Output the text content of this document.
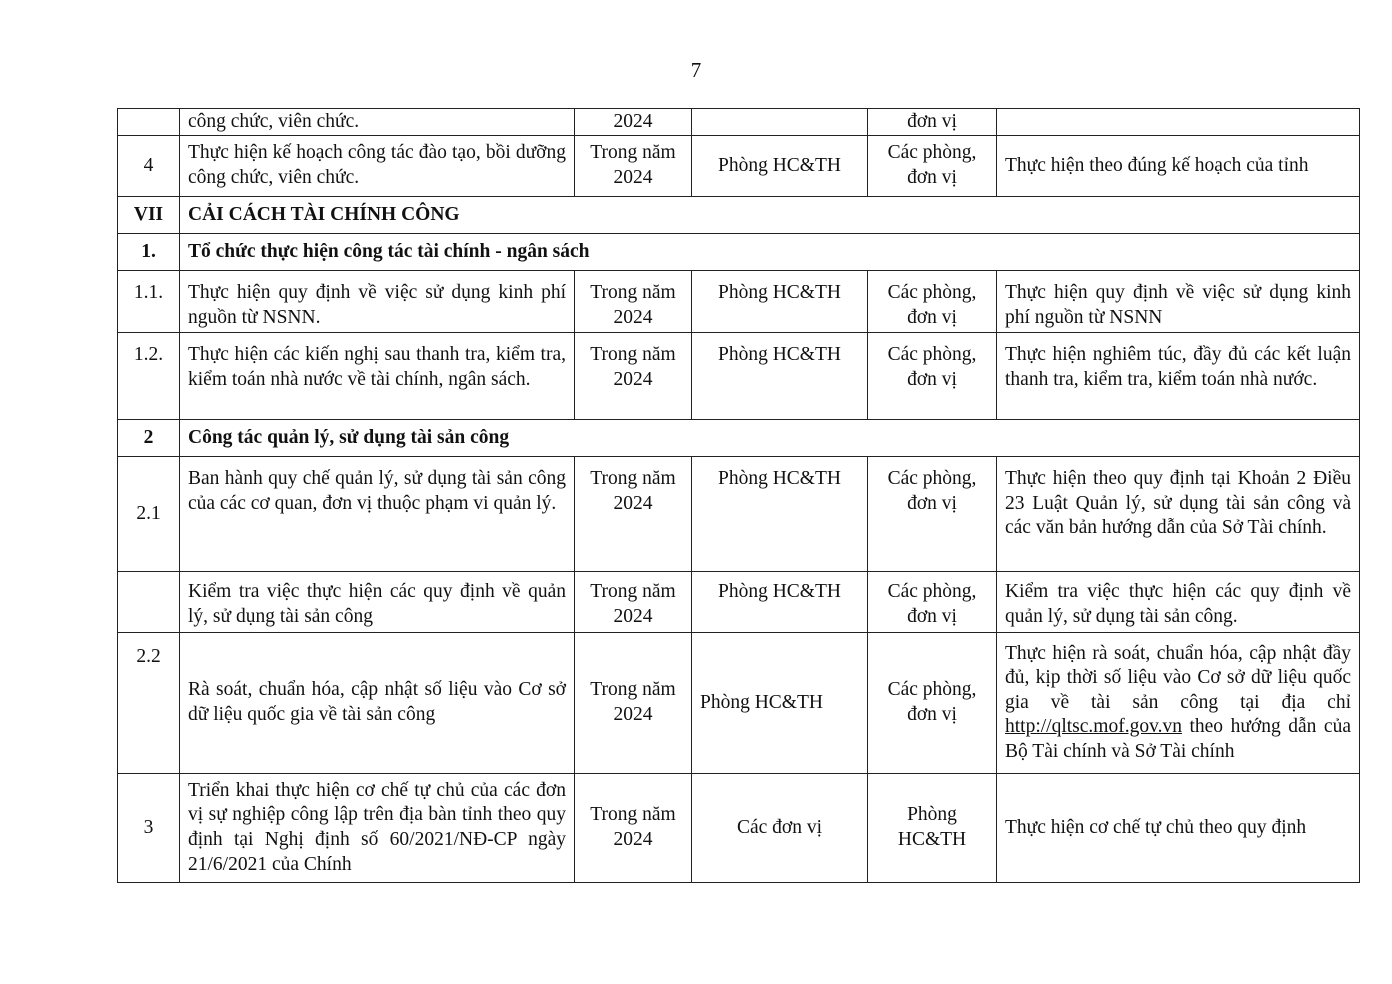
7
	công chức, viên chức.	2024		đơn vị	
4	Thực hiện kế hoạch công tác đào tạo, bồi dưỡng công chức, viên chức.	Trong năm 2024	Phòng HC&TH	Các phòng, đơn vị	Thực hiện theo đúng kế hoạch của tỉnh
VII	CẢI CÁCH TÀI CHÍNH CÔNG				
1.	Tổ chức thực hiện công tác tài chính - ngân sách				
1.1.	Thực hiện quy định về việc sử dụng kinh phí nguồn từ NSNN.	Trong năm 2024	Phòng HC&TH	Các phòng, đơn vị	Thực hiện quy định về việc sử dụng kinh phí nguồn từ NSNN
1.2.	Thực hiện các kiến nghị sau thanh tra, kiểm tra, kiểm toán nhà nước về tài chính, ngân sách.	Trong năm 2024	Phòng HC&TH	Các phòng, đơn vị	Thực hiện nghiêm túc, đầy đủ các kết luận thanh tra, kiểm tra, kiểm toán nhà nước.
2	Công tác quản lý, sử dụng tài sản công				
2.1	Ban hành quy chế quản lý, sử dụng tài sản công của các cơ quan, đơn vị thuộc phạm vi quản lý.	Trong năm 2024	Phòng HC&TH	Các phòng, đơn vị	Thực hiện theo quy định tại Khoản 2 Điều 23 Luật Quản lý, sử dụng tài sản công và các văn bản hướng dẫn của Sở Tài chính.
	Kiểm tra việc thực hiện các quy định về quản lý, sử dụng tài sản công	Trong năm 2024	Phòng HC&TH	Các phòng, đơn vị	Kiểm tra việc thực hiện các quy định về quản lý, sử dụng tài sản công.
2.2	Rà soát, chuẩn hóa, cập nhật số liệu vào Cơ sở dữ liệu quốc gia về tài sản công	Trong năm 2024	Phòng HC&TH	Các phòng, đơn vị	Thực hiện rà soát, chuẩn hóa, cập nhật đầy đủ, kịp thời số liệu vào Cơ sở dữ liệu quốc gia về tài sản công tại địa chỉ http://qltsc.mof.gov.vn theo hướng dẫn của Bộ Tài chính và Sở Tài chính
3	Triển khai thực hiện cơ chế tự chủ của các đơn vị sự nghiệp công lập trên địa bàn tỉnh theo quy định tại Nghị định số 60/2021/NĐ-CP ngày 21/6/2021 của Chính	Trong năm 2024	Các đơn vị	Phòng HC&TH	Thực hiện cơ chế tự chủ theo quy định
